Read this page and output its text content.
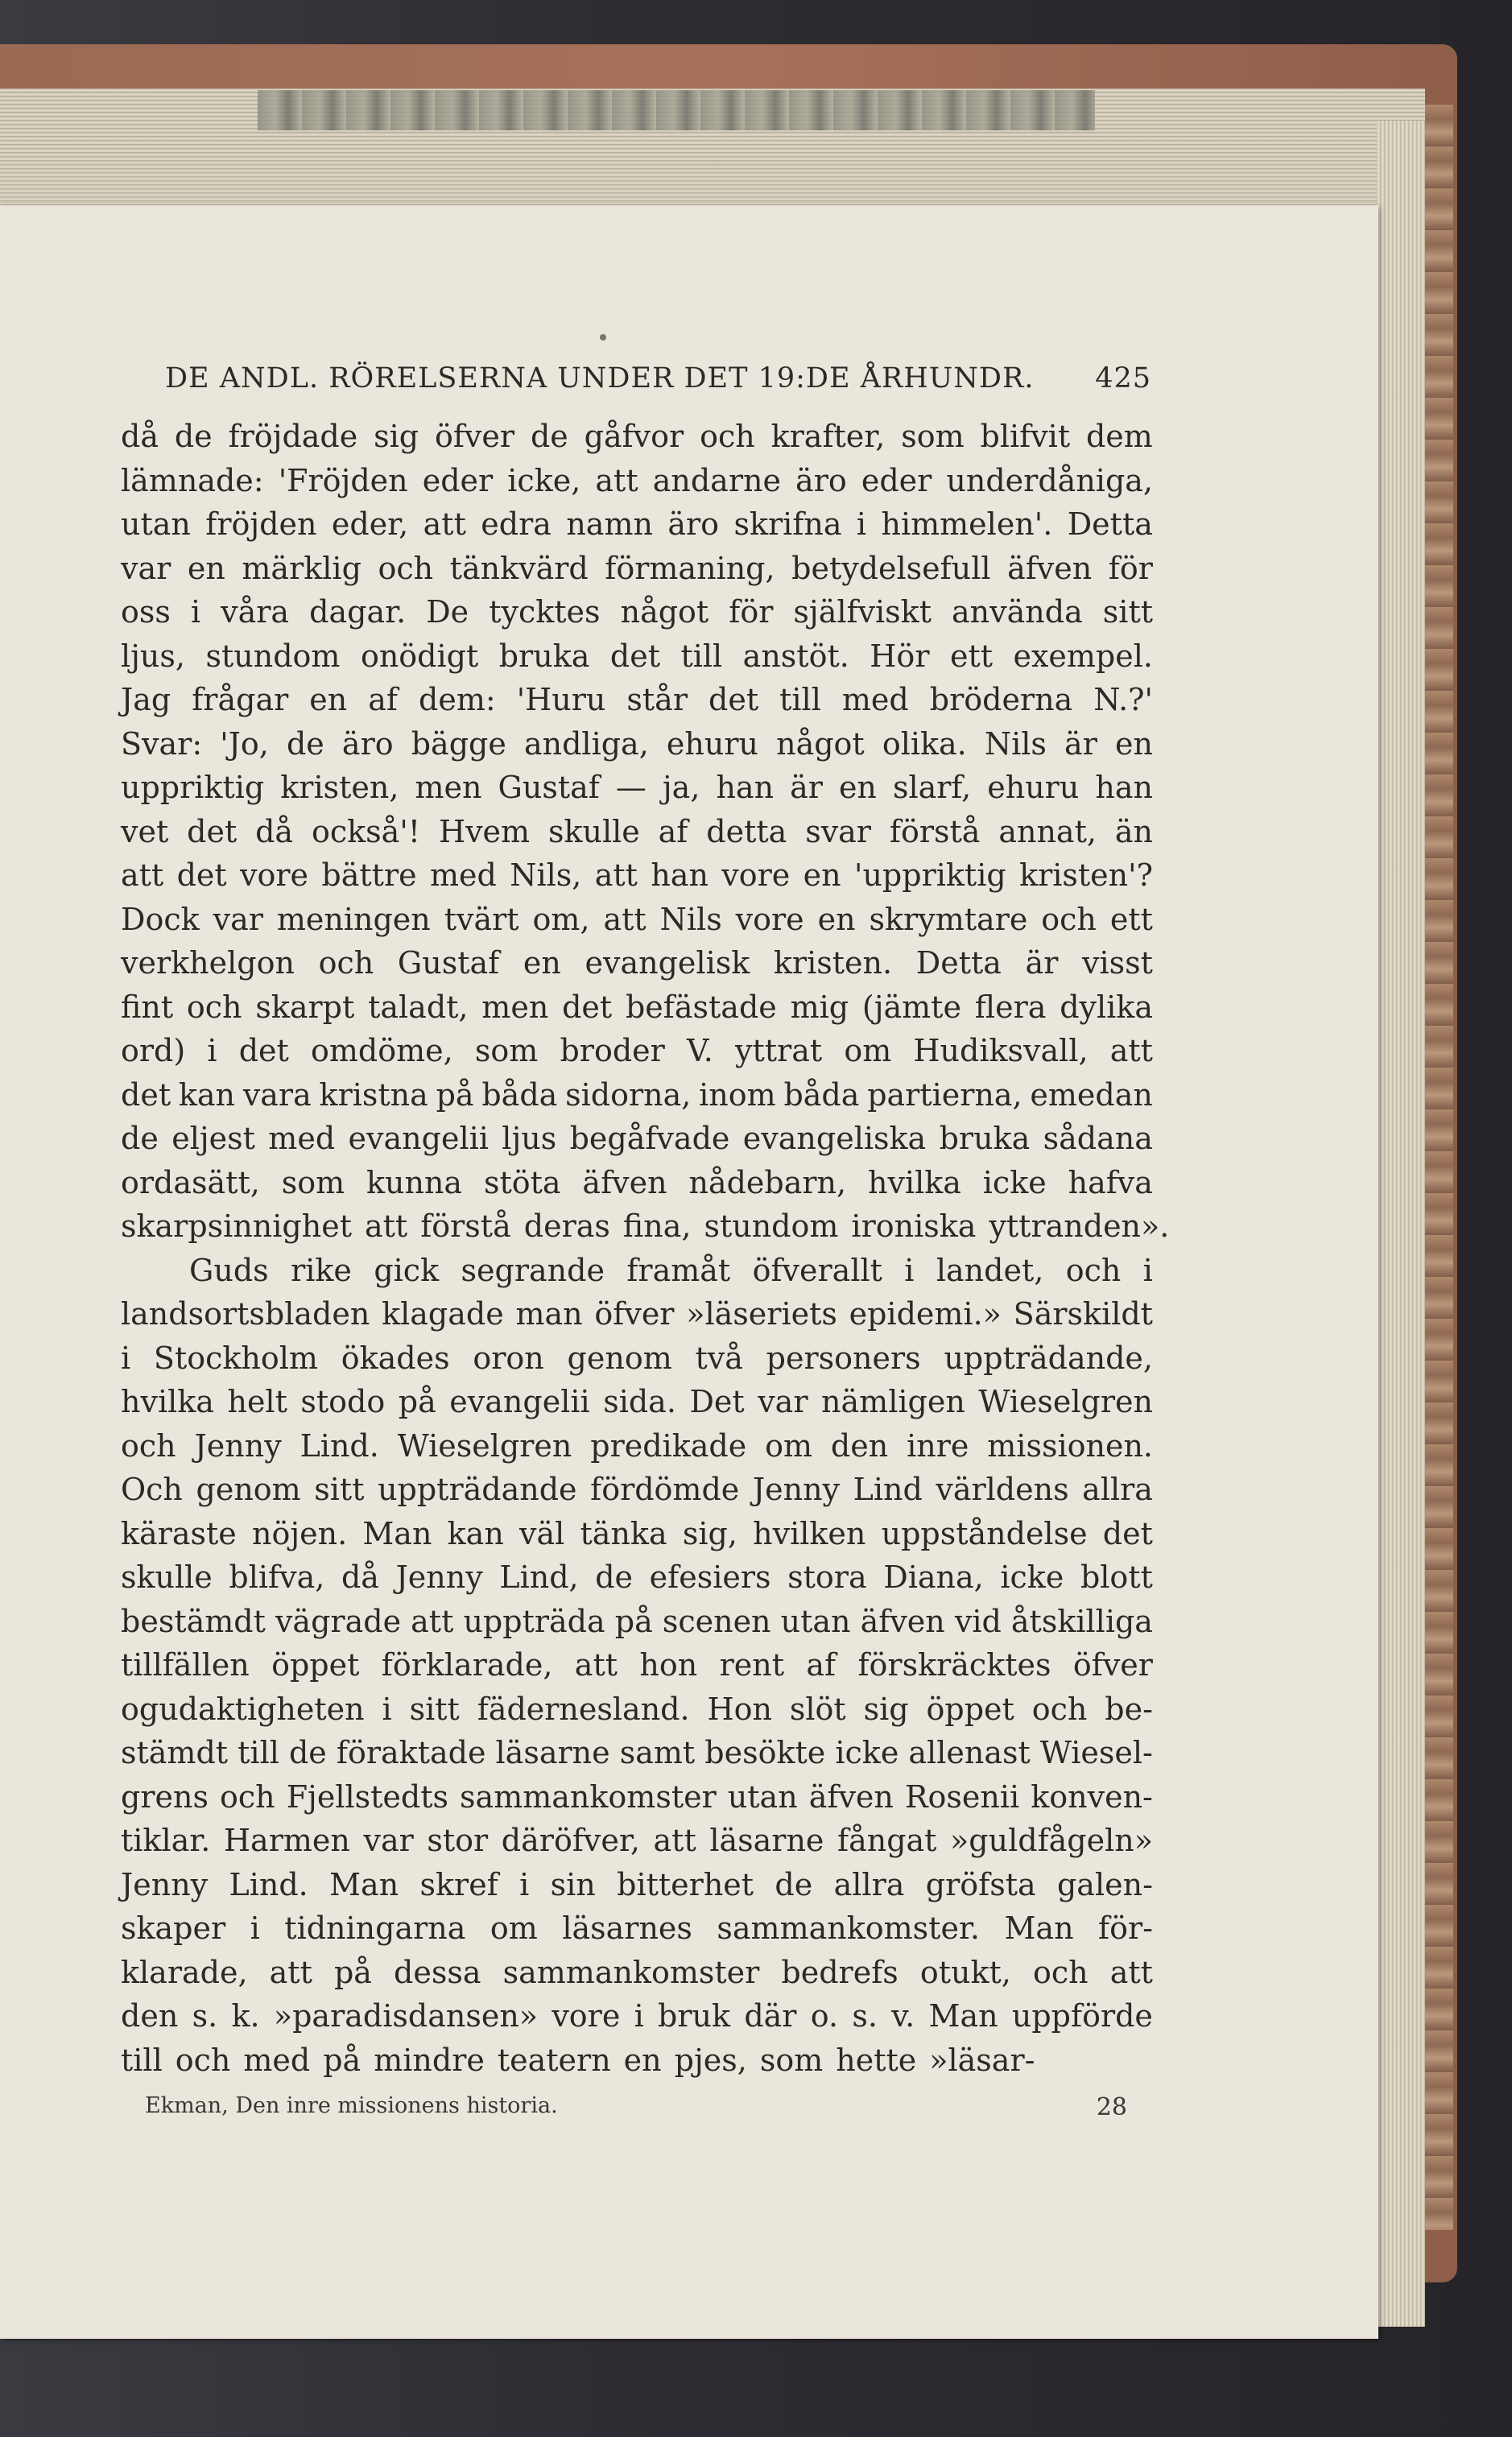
DE ANDL. RÖRELSERNA UNDER DET 19:DE ÅRHUNDR. 425
då de fröjdade sig öfver de gåfvor och krafter, som blifvit dem
lämnade: 'Fröjden eder icke, att andarne äro eder underdåniga,
utan fröjden eder, att edra namn äro skrifna i himmelen'. Detta
var en märklig och tänkvärd förmaning, betydelsefull äfven för
oss i våra dagar. De tycktes något för själfviskt använda sitt
ljus, stundom onödigt bruka det till anstöt. Hör ett exempel.
Jag frågar en af dem: 'Huru står det till med bröderna N.?'
Svar: 'Jo, de äro bägge andliga, ehuru något olika. Nils är en
uppriktig kristen, men Gustaf — ja, han är en slarf, ehuru han
vet det då också'! Hvem skulle af detta svar förstå annat, än
att det vore bättre med Nils, att han vore en 'uppriktig kristen'?
Dock var meningen tvärt om, att Nils vore en skrymtare och ett
verkhelgon och Gustaf en evangelisk kristen. Detta är visst
fint och skarpt taladt, men det befästade mig (jämte flera dylika
ord) i det omdöme, som broder V. yttrat om Hudiksvall, att
det kan vara kristna på båda sidorna, inom båda partierna, emedan
de eljest med evangelii ljus begåfvade evangeliska bruka sådana
ordasätt, som kunna stöta äfven nådebarn, hvilka icke hafva
skarpsinnighet att förstå deras fina, stundom ironiska yttranden».
Guds rike gick segrande framåt öfverallt i landet, och i
landsortsbladen klagade man öfver »läseriets epidemi.» Särskildt
i Stockholm ökades oron genom två personers uppträdande,
hvilka helt stodo på evangelii sida. Det var nämligen Wieselgren
och Jenny Lind. Wieselgren predikade om den inre missionen.
Och genom sitt uppträdande fördömde Jenny Lind världens allra
käraste nöjen. Man kan väl tänka sig, hvilken uppståndelse det
skulle blifva, då Jenny Lind, de efesiers stora Diana, icke blott
bestämdt vägrade att uppträda på scenen utan äfven vid åtskilliga
tillfällen öppet förklarade, att hon rent af förskräcktes öfver
ogudaktigheten i sitt fädernesland. Hon slöt sig öppet och be-
stämdt till de föraktade läsarne samt besökte icke allenast Wiesel-
grens och Fjellstedts sammankomster utan äfven Rosenii konven-
tiklar. Harmen var stor däröfver, att läsarne fångat »guldfågeln»
Jenny Lind. Man skref i sin bitterhet de allra gröfsta galen-
skaper i tidningarna om läsarnes sammankomster. Man för-
klarade, att på dessa sammankomster bedrefs otukt, och att
den s. k. »paradisdansen» vore i bruk där o. s. v. Man uppförde
till och med på mindre teatern en pjes, som hette »läsar-
Ekman, Den inre missionens historia.	28
